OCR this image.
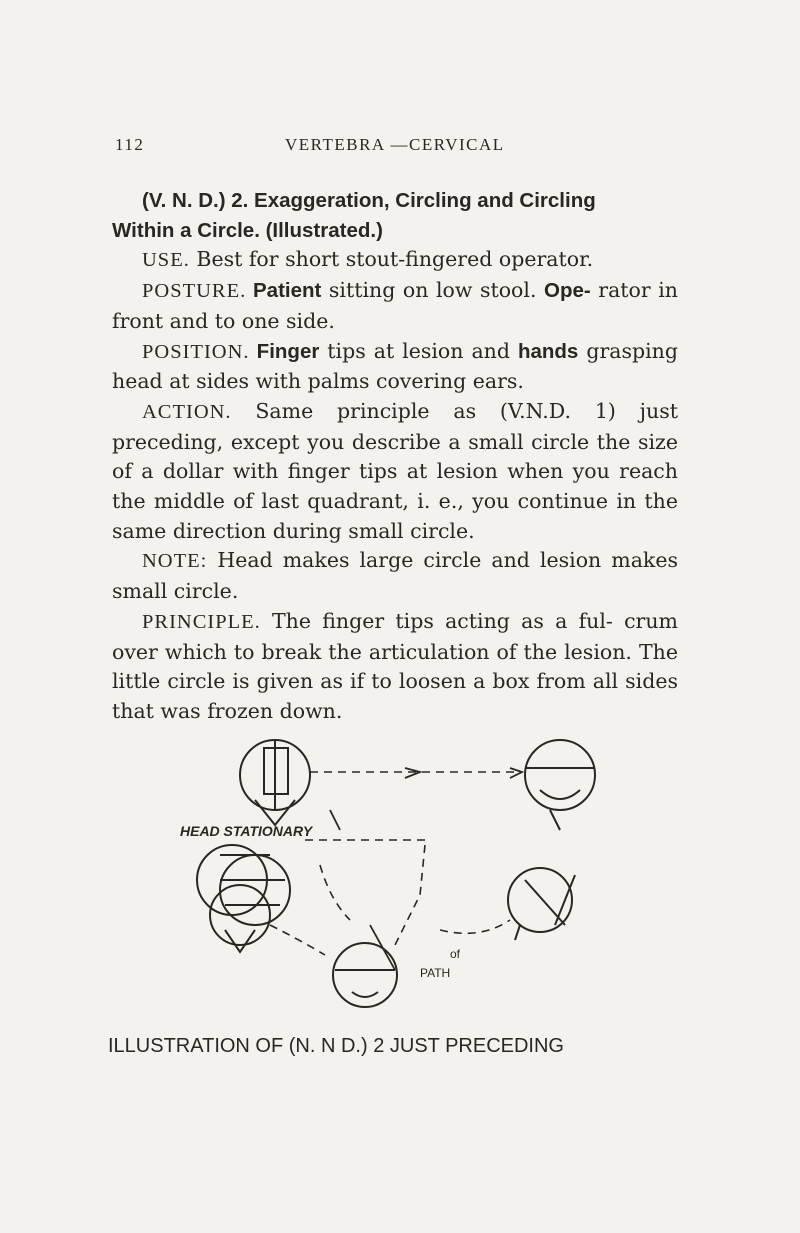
112	VERTEBRA —CERVICAL

(V. N. D.) 2. Exaggeration, Circling and Circling
Within a Circle. (Illustrated.)

USE. Best for short stout-fingered operator.

POSTURE. Patient sitting on low stool. Ope- rator in front and to one side.

POSITION. Finger tips at lesion and hands grasping head at sides with palms covering ears.

ACTION. Same principle as (V.N.D. 1) just preceding, except you describe a small circle the size of a dollar with finger tips at lesion when you reach the middle of last quadrant, i. e., you continue in the same direction during small circle.

NOTE: Head makes large circle and lesion makes small circle.

PRINCIPLE. The finger tips acting as a ful- crum over which to break the articulation of the lesion. The little circle is given as if to loosen a box from all sides that was frozen down.

HEAD STATIONARY
PATH
of
ILLUSTRATION OF (N. N D.) 2 JUST PRECEDING
